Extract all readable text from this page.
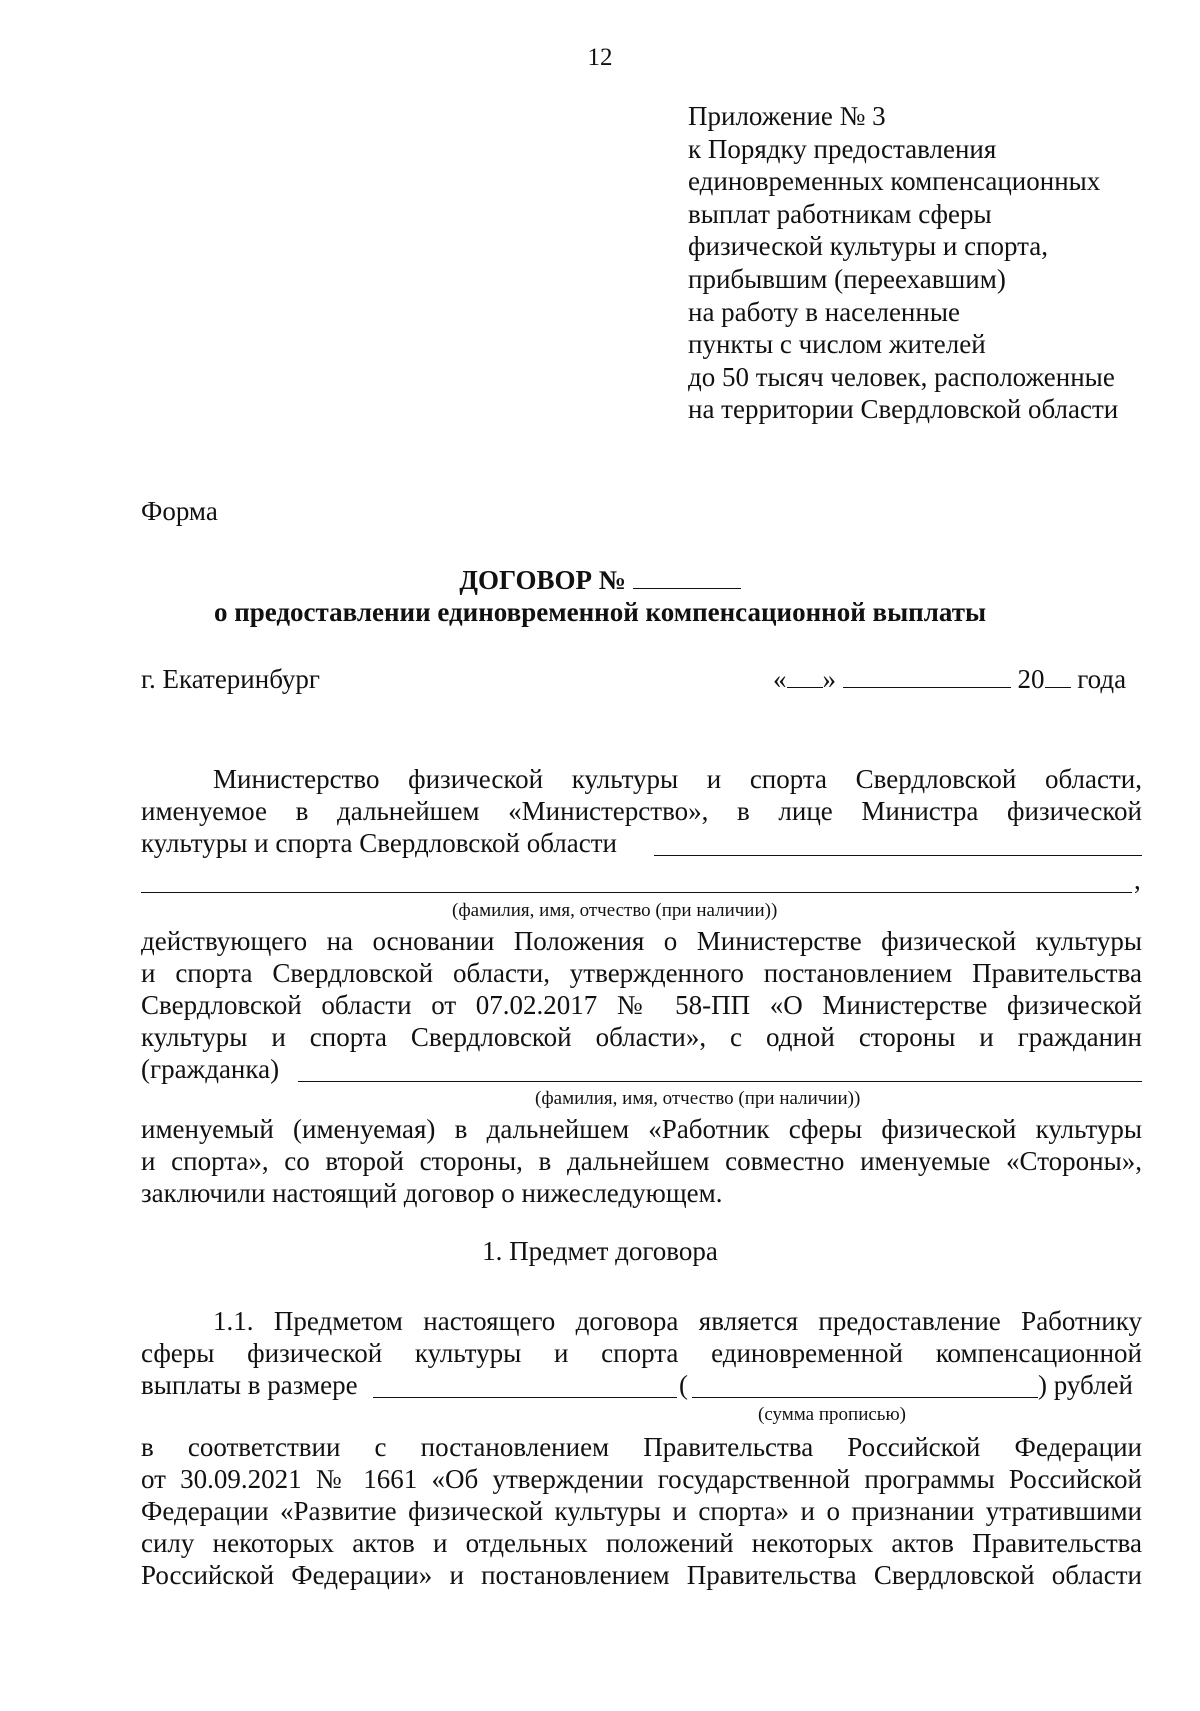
12
Приложение № 3
к Порядку предоставления
единовременных компенсационных
выплат работникам сферы
физической культуры и спорта,
прибывшим (переехавшим)
на работу в населенные
пункты с числом жителей
до 50 тысяч человек, расположенные
на территории Свердловской области
Форма
ДОГОВОР №
о предоставлении единовременной компенсационной выплаты
г. Екатеринбург	« »	20 года
Министерство физической культуры и спорта Свердловской области,
именуемое в дальнейшем «Министерство», в лице Министра физической
культуры и спорта Свердловской области
,
(фамилия, имя, отчество (при наличии))
действующего на основании Положения о Министерстве физической культуры
и спорта Свердловской области, утвержденного постановлением Правительства
Свердловской области от 07.02.2017 № 58-ПП «О Министерстве физической
культуры и спорта Свердловской области», с одной стороны и гражданин
(гражданка)
(фамилия, имя, отчество (при наличии))
именуемый (именуемая) в дальнейшем «Работник сферы физической культуры
и спорта», со второй стороны, в дальнейшем совместно именуемые «Стороны»,
заключили настоящий договор о нижеследующем.
1. Предмет договора
1.1. Предметом настоящего договора является предоставление Работнику
сферы физической культуры и спорта единовременной компенсационной
выплаты в размере	(	) рублей
(сумма прописью)
в соответствии с постановлением Правительства Российской Федерации
от 30.09.2021 № 1661 «Об утверждении государственной программы Российской
Федерации «Развитие физической культуры и спорта» и о признании утратившими
силу некоторых актов и отдельных положений некоторых актов Правительства
Российской Федерации» и постановлением Правительства Свердловской области
